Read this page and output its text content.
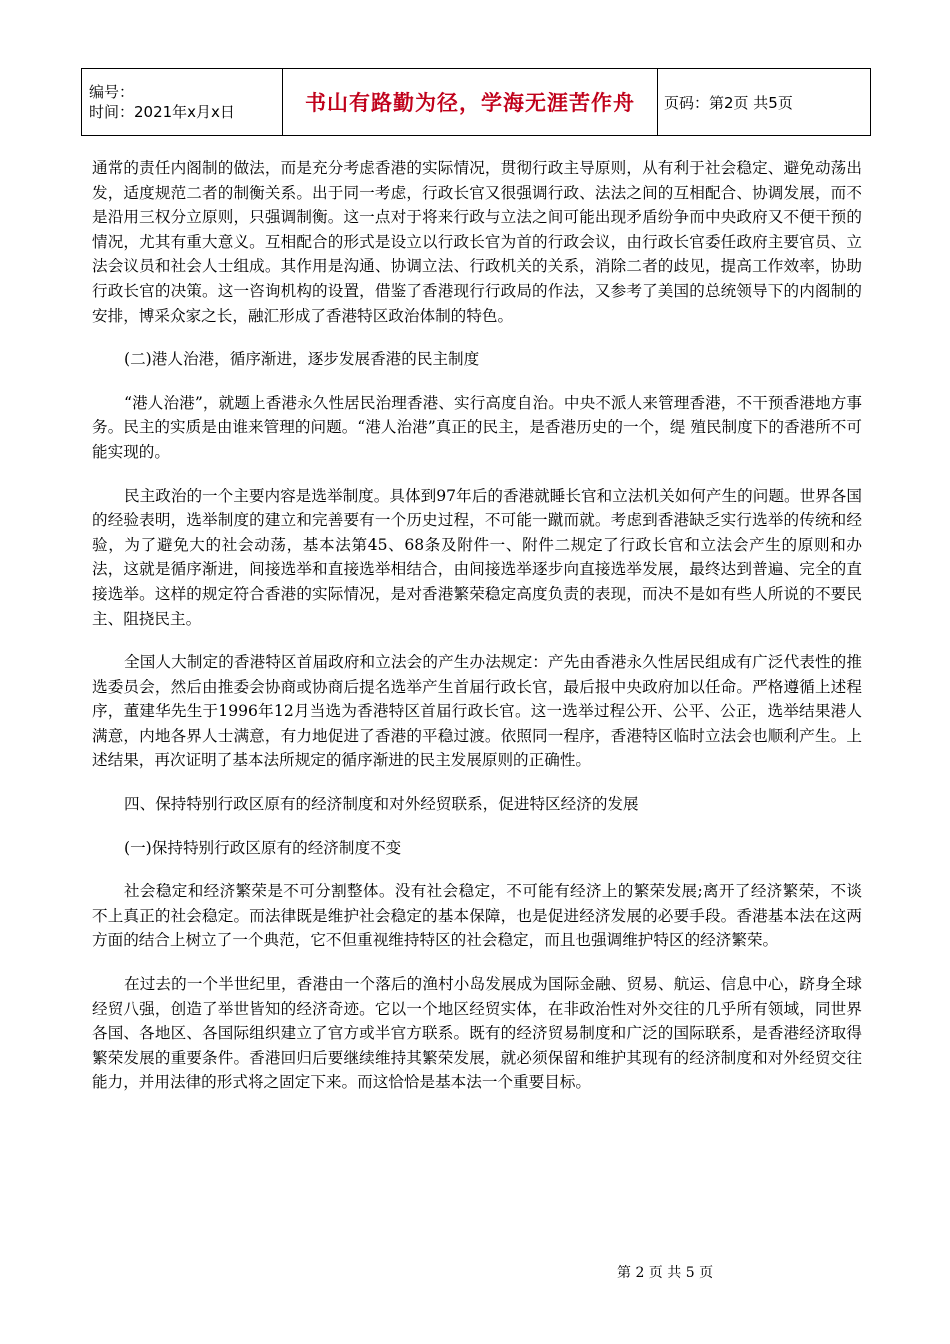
编号：
时间：2021年x月x日	书山有路勤为径，学海无涯苦作舟	页码：第2页 共5页

通常的责任内阁制的做法，而是充分考虑香港的实际情况，贯彻行政主导原则，从有利于社会稳定、避免动荡出发，适度规范二者的制衡关系。出于同一考虑，行政长官又很强调行政、法法之间的互相配合、协调发展，而不是沿用三权分立原则，只强调制衡。这一点对于将来行政与立法之间可能出现矛盾纷争而中央政府又不便干预的情况，尤其有重大意义。互相配合的形式是设立以行政长官为首的行政会议，由行政长官委任政府主要官员、立法会议员和社会人士组成。其作用是沟通、协调立法、行政机关的关系，消除二者的歧见，提高工作效率，协助行政长官的决策。这一咨询机构的设置，借鉴了香港现行行政局的作法，又参考了美国的总统领导下的内阁制的安排，博采众家之长，融汇形成了香港特区政治体制的特色。

(二)港人治港，循序渐进，逐步发展香港的民主制度

“港人治港”，就题上香港永久性居民治理香港、实行高度自治。中央不派人来管理香港，不干预香港地方事务。民主的实质是由谁来管理的问题。“港人治港”真正的民主，是香港历史的一个，缇 殖民制度下的香港所不可能实现的。

民主政治的一个主要内容是选举制度。具体到97年后的香港就睡长官和立法机关如何产生的问题。世界各国的经验表明，选举制度的建立和完善要有一个历史过程，不可能一蹴而就。考虑到香港缺乏实行选举的传统和经验，为了避免大的社会动荡，基本法第45、68条及附件一、附件二规定了行政长官和立法会产生的原则和办法，这就是循序渐进，间接选举和直接选举相结合，由间接选举逐步向直接选举发展，最终达到普遍、完全的直接选举。这样的规定符合香港的实际情况，是对香港繁荣稳定高度负责的表现，而决不是如有些人所说的不要民主、阻挠民主。

全国人大制定的香港特区首届政府和立法会的产生办法规定：产先由香港永久性居民组成有广泛代表性的推选委员会，然后由推委会协商或协商后提名选举产生首届行政长官，最后报中央政府加以任命。严格遵循上述程序，董建华先生于1996年12月当选为香港特区首届行政长官。这一选举过程公开、公平、公正，选举结果港人满意，内地各界人士满意，有力地促进了香港的平稳过渡。依照同一程序，香港特区临时立法会也顺利产生。上述结果，再次证明了基本法所规定的循序渐进的民主发展原则的正确性。

四、保持特别行政区原有的经济制度和对外经贸联系，促进特区经济的发展

(一)保持特别行政区原有的经济制度不变

社会稳定和经济繁荣是不可分割整体。没有社会稳定，不可能有经济上的繁荣发展;离开了经济繁荣，不谈不上真正的社会稳定。而法律既是维护社会稳定的基本保障，也是促进经济发展的必要手段。香港基本法在这两方面的结合上树立了一个典范，它不但重视维持特区的社会稳定，而且也强调维护特区的经济繁荣。

在过去的一个半世纪里，香港由一个落后的渔村小岛发展成为国际金融、贸易、航运、信息中心，跻身全球经贸八强，创造了举世皆知的经济奇迹。它以一个地区经贸实体，在非政治性对外交往的几乎所有领域，同世界各国、各地区、各国际组织建立了官方或半官方联系。既有的经济贸易制度和广泛的国际联系，是香港经济取得繁荣发展的重要条件。香港回归后要继续维持其繁荣发展，就必须保留和维护其现有的经济制度和对外经贸交往能力，并用法律的形式将之固定下来。而这恰恰是基本法一个重要目标。

第 2 页 共 5 页
